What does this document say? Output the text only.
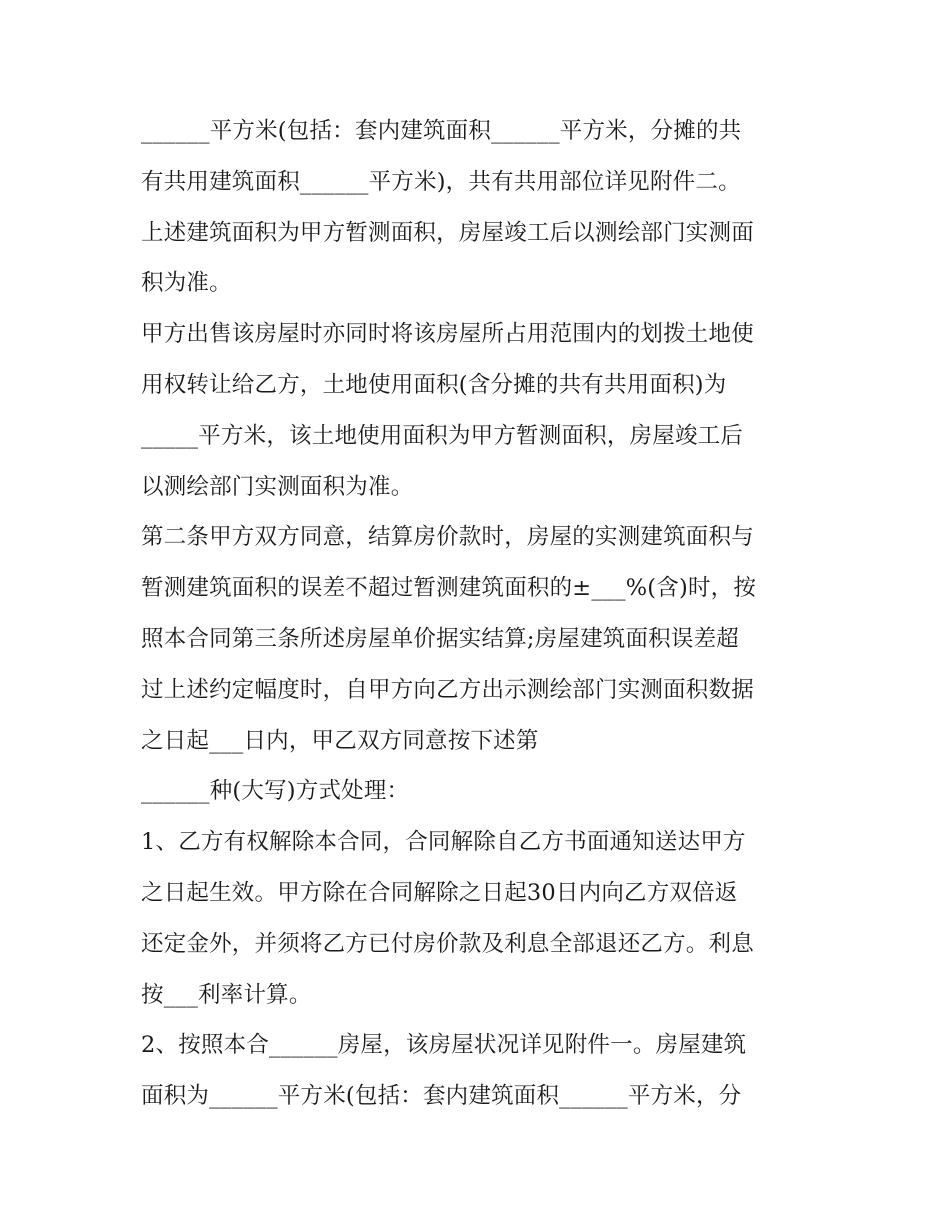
______平方米(包括：套内建筑面积______平方米，分摊的共
有共用建筑面积______平方米)，共有共用部位详见附件二。
上述建筑面积为甲方暂测面积，房屋竣工后以测绘部门实测面
积为准。
甲方出售该房屋时亦同时将该房屋所占用范围内的划拨土地使
用权转让给乙方，土地使用面积(含分摊的共有共用面积)为
_____平方米，该土地使用面积为甲方暂测面积，房屋竣工后
以测绘部门实测面积为准。
第二条甲方双方同意，结算房价款时，房屋的实测建筑面积与
暂测建筑面积的误差不超过暂测建筑面积的±___%(含)时，按
照本合同第三条所述房屋单价据实结算;房屋建筑面积误差超
过上述约定幅度时，自甲方向乙方出示测绘部门实测面积数据
之日起___日内，甲乙双方同意按下述第
______种(大写)方式处理：
1、乙方有权解除本合同，合同解除自乙方书面通知送达甲方
之日起生效。甲方除在合同解除之日起30日内向乙方双倍返
还定金外，并须将乙方已付房价款及利息全部退还乙方。利息
按___利率计算。
2、按照本合______房屋，该房屋状况详见附件一。房屋建筑
面积为______平方米(包括：套内建筑面积______平方米，分
